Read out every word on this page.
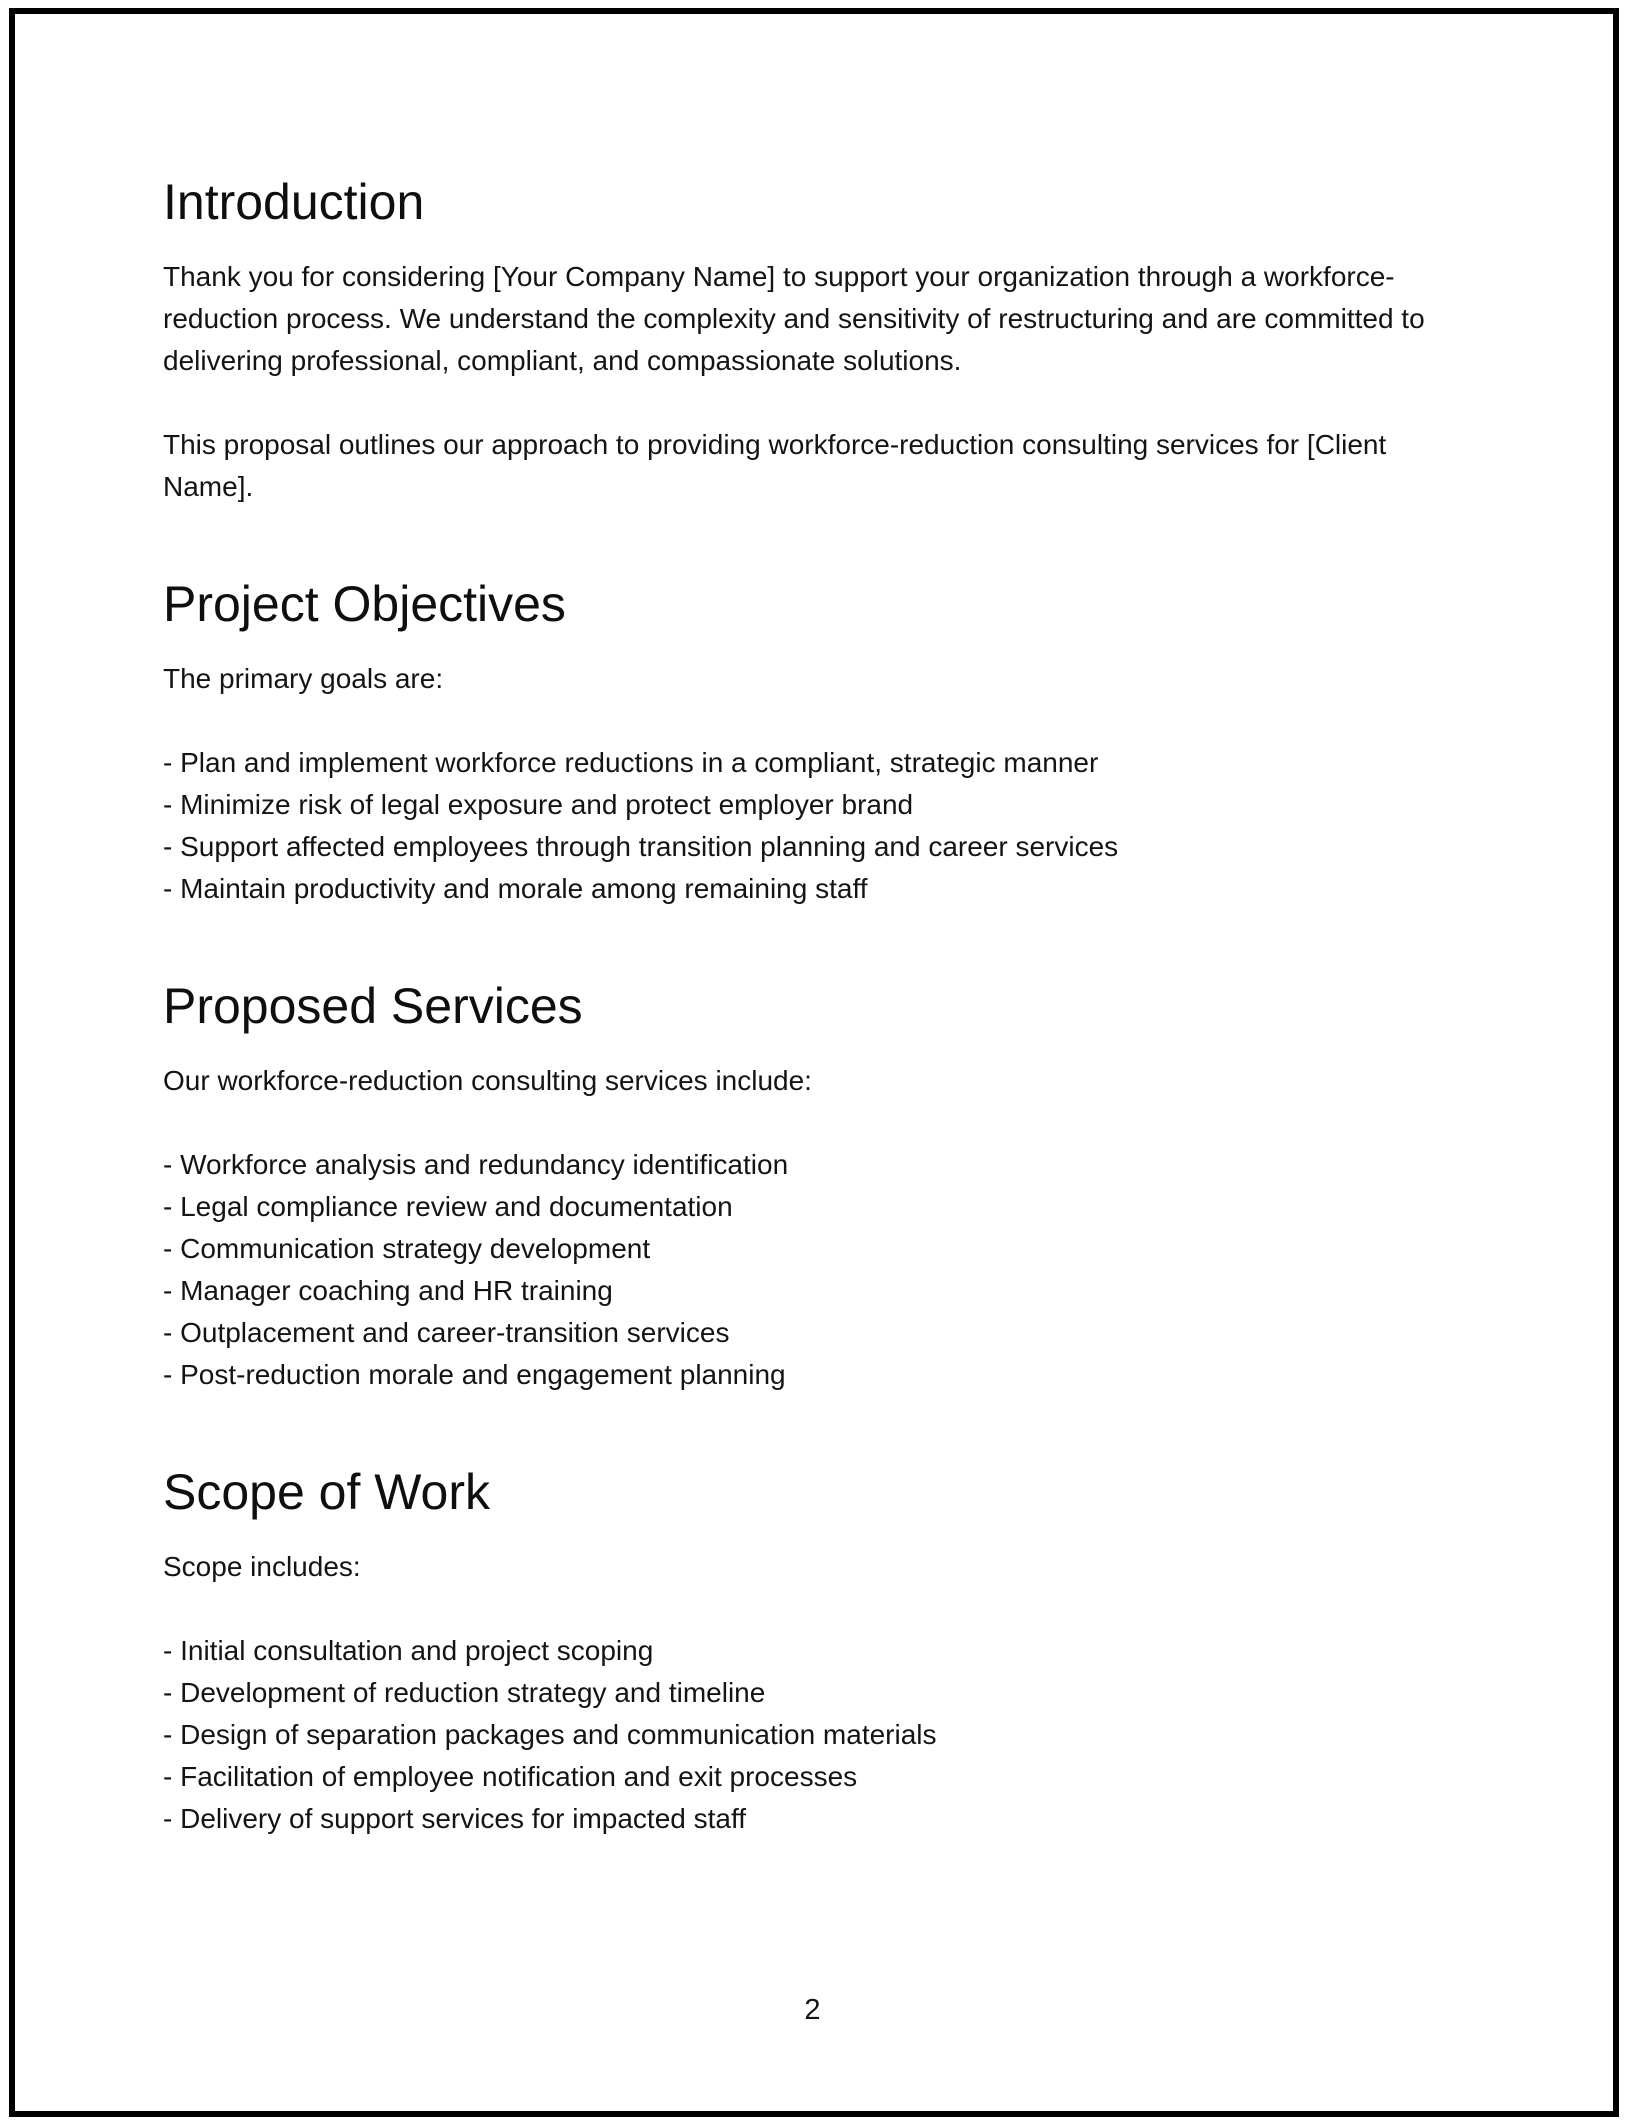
Introduction

Thank you for considering [Your Company Name] to support your organization through a workforce-reduction process. We understand the complexity and sensitivity of restructuring and are committed to delivering professional, compliant, and compassionate solutions.

This proposal outlines our approach to providing workforce-reduction consulting services for [Client Name].

Project Objectives

The primary goals are:

- Plan and implement workforce reductions in a compliant, strategic manner
- Minimize risk of legal exposure and protect employer brand
- Support affected employees through transition planning and career services
- Maintain productivity and morale among remaining staff
Proposed Services

Our workforce-reduction consulting services include:

- Workforce analysis and redundancy identification
- Legal compliance review and documentation
- Communication strategy development
- Manager coaching and HR training
- Outplacement and career-transition services
- Post-reduction morale and engagement planning
Scope of Work

Scope includes:

- Initial consultation and project scoping
- Development of reduction strategy and timeline
- Design of separation packages and communication materials
- Facilitation of employee notification and exit processes
- Delivery of support services for impacted staff
2
